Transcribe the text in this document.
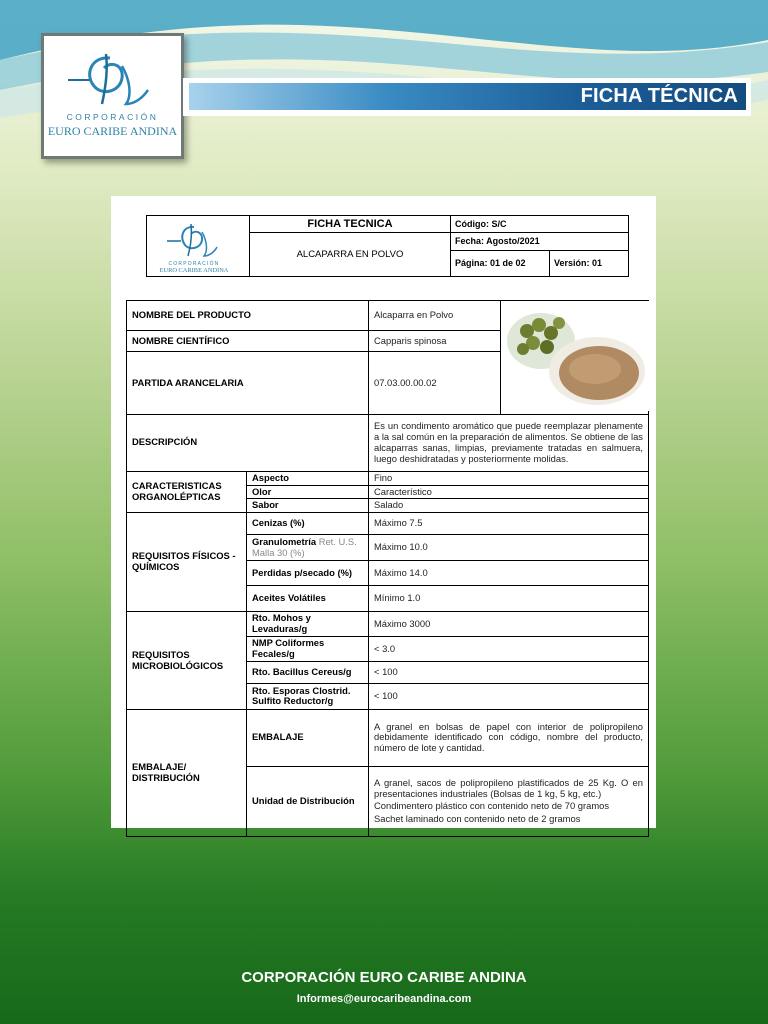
CORPORACIÓN
EURO CARIBE ANDINA
FICHA TÉCNICA
CORPORACIÓN
EURO CARIBE ANDINA	FICHA TECNICA	Código: S/C	
	ALCAPARRA EN POLVO	Fecha: Agosto/2021	
		Página: 01 de 02	Versión: 01
NOMBRE DEL PRODUCTO		Alcaparra en Polvo	
NOMBRE CIENTÍFICO		Capparis spinosa	
PARTIDA ARANCELARIA		07.03.00.00.02	
DESCRIPCIÓN		Es un condimento aromático que puede reemplazar plenamente a la sal común en la preparación de alimentos. Se obtiene de las alcaparras sanas, limpias, previamente tratadas en salmuera, luego deshidratadas y posteriormente molidas.	
CARACTERISTICAS ORGANOLÉPTICAS	Aspecto	Fino	
	Olor	Característico	
	Sabor	Salado	
REQUISITOS FÍSICOS - QUÍMICOS	Cenizas (%)	Máximo 7.5	
	Granulometría Ret. U.S. Malla 30 (%)	Máximo 10.0	
	Perdidas p/secado (%)	Máximo 14.0	
	Aceites Volátiles	Mínimo 1.0	
REQUISITOS MICROBIOLÓGICOS	Rto. Mohos y Levaduras/g	Máximo 3000	
	NMP Coliformes Fecales/g	< 3.0	
	Rto. Bacillus Cereus/g	< 100	
	Rto. Esporas Clostrid. Sulfito Reductor/g	< 100	
EMBALAJE/ DISTRIBUCIÓN	EMBALAJE	A granel en bolsas de papel con interior de polipropileno debidamente identificado con código, nombre del producto, número de lote y cantidad.	
	Unidad de Distribución	A granel, sacos de polipropileno plastificados de 25 Kg. O en presentaciones industriales (Bolsas de 1 kg, 5 kg, etc.)
Condimentero plástico con contenido neto de 70 gramos
Sachet laminado con contenido neto de 2 gramos	
CORPORACIÓN EURO CARIBE ANDINA
Informes@eurocaribeandina.com
